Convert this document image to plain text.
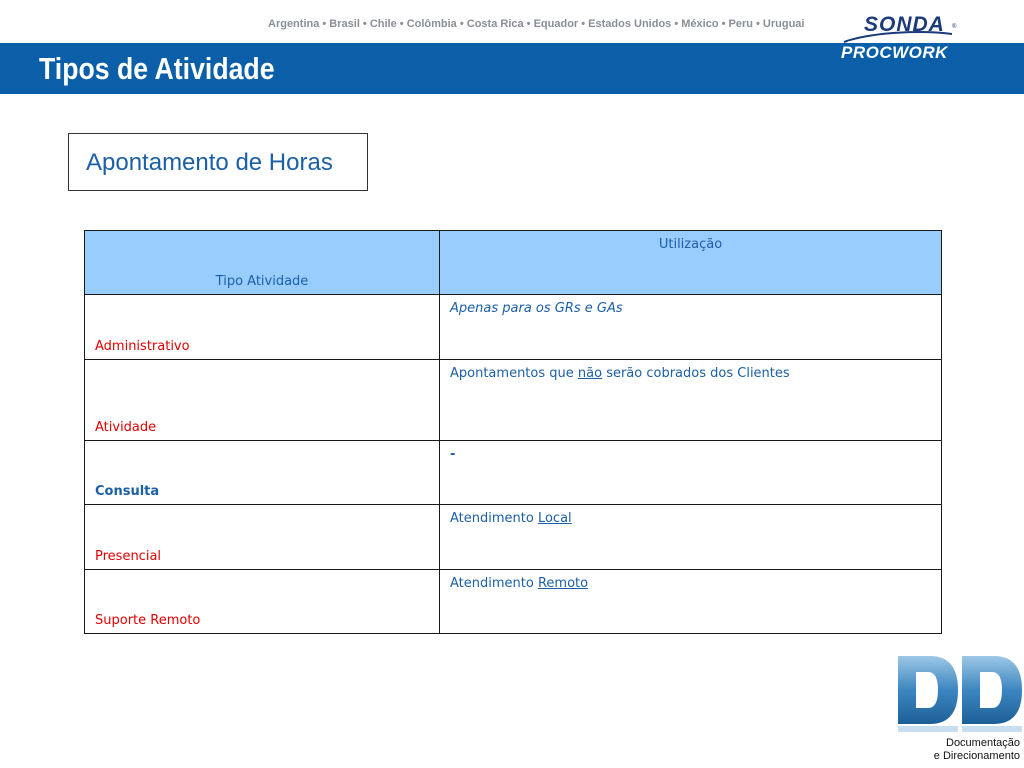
Argentina • Brasil • Chile • Colômbia • Costa Rica • Equador • Estados Unidos • México • Peru • Uruguai
Tipos de Atividade
SONDA ®
PROCWORK
Apontamento de Horas
Tipo Atividade	Utilização

Administrativo	Apenas para os GRs e GAs

Atividade	Apontamentos que não serão cobrados dos Clientes

Consulta	-

Presencial	Atendimento Local

Suporte Remoto	Atendimento Remoto
Documentação
e Direcionamento
